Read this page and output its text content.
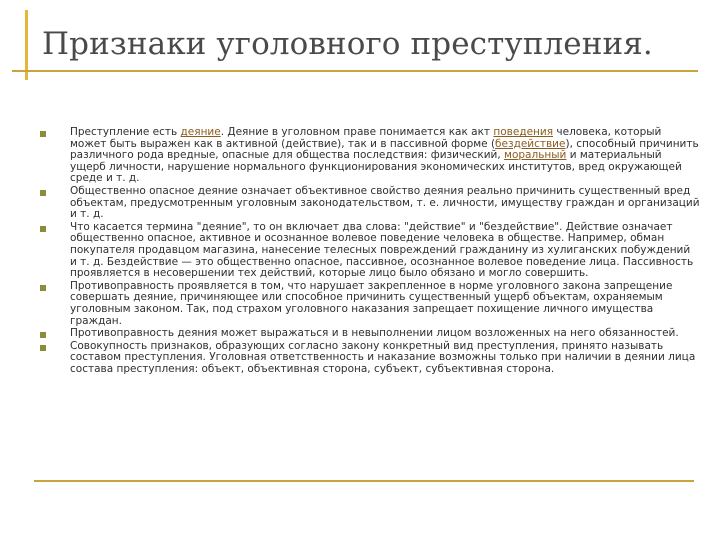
Признаки уголовного преступления.
Преступление есть деяние. Деяние в уголовном праве понимается как акт поведения человека, который может быть выражен как в активной (действие), так и в пассивной форме (бездействие), способный причинить различного рода вредные, опасные для общества последствия: физический, моральный и материальный ущерб личности, нарушение нормального функционирования экономических институтов, вред окружающей среде и т. д.
Общественно опасное деяние означает объективное свойство деяния реально причинить существенный вред объектам, предусмотренным уголовным законодательством, т. е. личности, имуществу граждан и организаций и т. д.
Что касается термина "деяние", то он включает два слова: "действие" и "бездействие". Действие означает общественно опасное, активное и осознанное волевое поведение человека в обществе. Например, обман покупателя продавцом магазина, нанесение телесных повреждений гражданину из хулиганских побуждений и т. д. Бездействие — это общественно опасное, пассивное, осознанное волевое поведение лица. Пассивность проявляется в несовершении тех действий, которые лицо было обязано и могло совершить.
Противоправность проявляется в том, что нарушает закрепленное в норме уголовного закона запрещение совершать деяние, причиняющее или способное причинить существенный ущерб объектам, охраняемым уголовным законом. Так, под страхом уголовного наказания запрещает похищение личного имущества граждан.
Противоправность деяния может выражаться и в невыполнении лицом возложенных на него обязанностей.
Совокупность признаков, образующих согласно закону конкретный вид преступления, принято называть составом преступления. Уголовная ответственность и наказание возможны только при наличии в деянии лица состава преступления: объект, объективная сторона, субъект, субъективная сторона.
